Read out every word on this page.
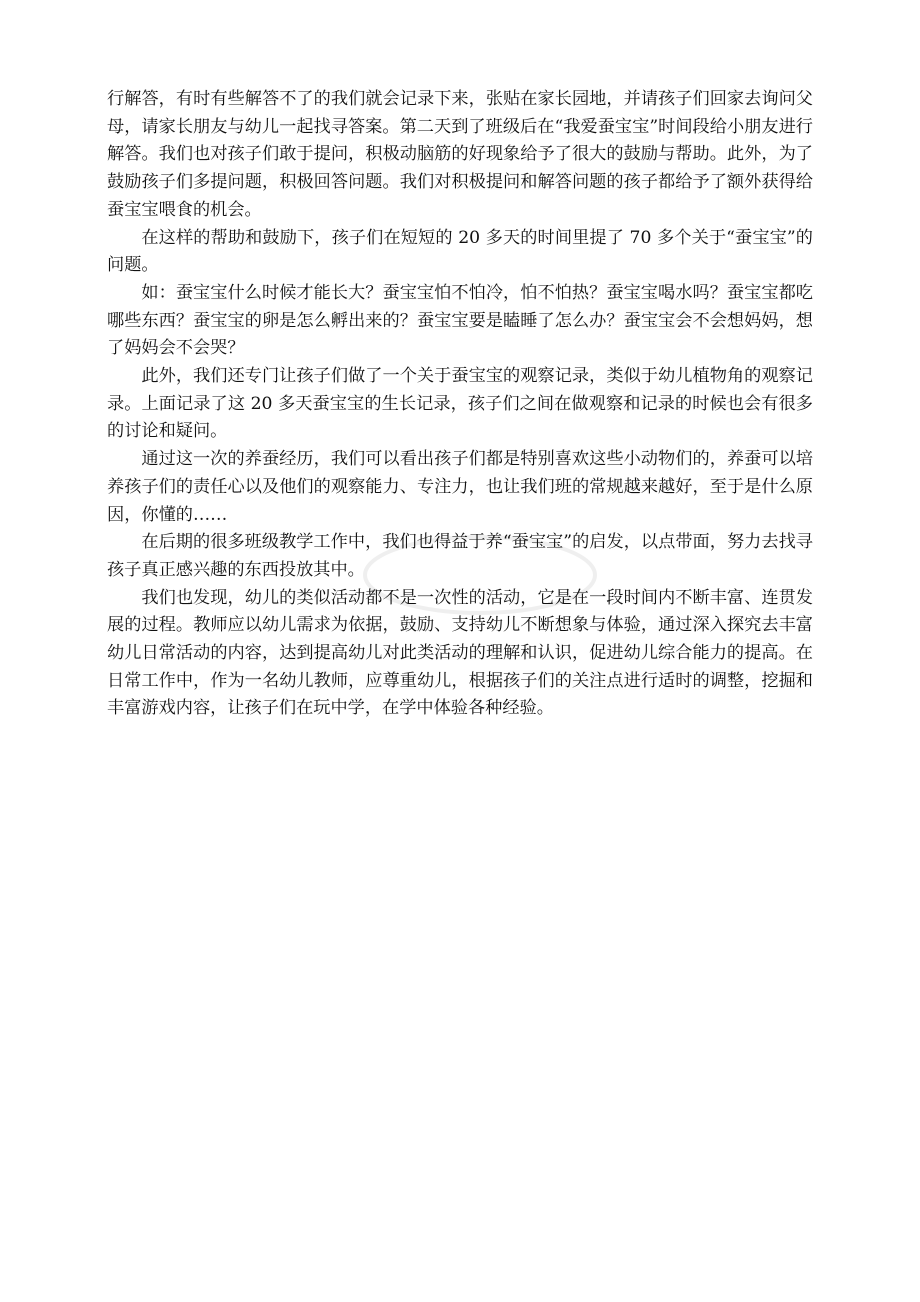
行解答，有时有些解答不了的我们就会记录下来，张贴在家长园地，并请孩子们回家去询问父母，请家长朋友与幼儿一起找寻答案。第二天到了班级后在“我爱蚕宝宝”时间段给小朋友进行解答。我们也对孩子们敢于提问，积极动脑筋的好现象给予了很大的鼓励与帮助。此外，为了鼓励孩子们多提问题，积极回答问题。我们对积极提问和解答问题的孩子都给予了额外获得给蚕宝宝喂食的机会。

在这样的帮助和鼓励下，孩子们在短短的 20 多天的时间里提了 70 多个关于“蚕宝宝”的问题。

如：蚕宝宝什么时候才能长大？蚕宝宝怕不怕冷，怕不怕热？蚕宝宝喝水吗？蚕宝宝都吃哪些东西？蚕宝宝的卵是怎么孵出来的？蚕宝宝要是瞌睡了怎么办？蚕宝宝会不会想妈妈，想了妈妈会不会哭？

此外，我们还专门让孩子们做了一个关于蚕宝宝的观察记录，类似于幼儿植物角的观察记录。上面记录了这 20 多天蚕宝宝的生长记录，孩子们之间在做观察和记录的时候也会有很多的讨论和疑问。

通过这一次的养蚕经历，我们可以看出孩子们都是特别喜欢这些小动物们的，养蚕可以培养孩子们的责任心以及他们的观察能力、专注力，也让我们班的常规越来越好，至于是什么原因，你懂的……

在后期的很多班级教学工作中，我们也得益于养“蚕宝宝”的启发，以点带面，努力去找寻孩子真正感兴趣的东西投放其中。

我们也发现，幼儿的类似活动都不是一次性的活动，它是在一段时间内不断丰富、连贯发展的过程。教师应以幼儿需求为依据，鼓励、支持幼儿不断想象与体验，通过深入探究去丰富幼儿日常活动的内容，达到提高幼儿对此类活动的理解和认识，促进幼儿综合能力的提高。在日常工作中，作为一名幼儿教师，应尊重幼儿，根据孩子们的关注点进行适时的调整，挖掘和丰富游戏内容，让孩子们在玩中学，在学中体验各种经验。
